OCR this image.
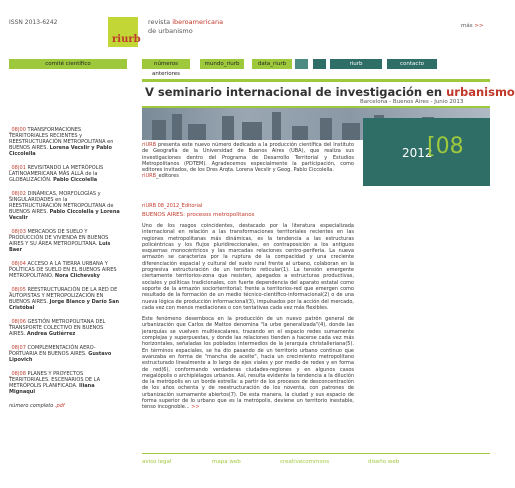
ISSN 2013-6242
riurb
revista iberoamericana
de urbanismo
más >>
comité científico	números anteriores
mundo_riurb	data_riurb	riurb	contacto
V seminario internacional de investigación en urbanismo
Barcelona - Buenos Aires - Junio 2013
_08|00 TRANSFORMACIONES TERRITORIALES RECIENTES y REESTRUCTURACIÓN METROPOLITANA en BUENOS AIRES. Lorena Vecslir y Pablo Ciccolella
_08|01 REVISITANDO LA METRÓPOLIS LATINOAMERICANA MÁS ALLÁ de la GLOBALIZACIÓN. Pablo Ciccolella
_08|02 DINÁMICAS, MORFOLOGÍAS y SINGULARIDADES en la REESTRUCTURACIÓN METROPOLITANA de BUENOS AIRES. Pablo Ciccolella y Lorena Vecslir
_08|03 MERCADOS DE SUELO Y PRODUCCIÓN DE VIVIENDA EN BUENOS AIRES Y SU ÁREA METROPOLITANA. Luis Baer
_08|04 ACCESO A LA TIERRA URBANA Y POLÍTICAS DE SUELO EN EL BUENOS AIRES METROPOLITANO. Nora Clichevsky
_08|05 REESTRUCTURACIÓN DE LA RED DE AUTOPISTAS Y METROPOLIZACIÓN EN BUENOS AIRES. Jorge Blanco y Darío San Cristóbal
_08|06 GESTIÓN METROPOLITANA DEL TRANSPORTE COLECTIVO EN BUENOS AIRES. Andrea Gutiérrez
_08|07 COMPLEMENTACIÓN AERO-PORTUARIA EN BUENOS AIRES. Gustavo Lipovich
_08|08 PLANES Y PROYECTOS TERRITORIALES. ESCENARIOS DE LA METRÓPOLIS PLANIFICADA. Iliana Mignaqui
número completo .pdf
riURB presenta este nuevo número dedicado a la producción científica del Instituto de Geografía de la Universidad de Buenos Aires (UBA), que realiza sus investigaciones dentro del Programa de Desarrollo Territorial y Estudios Metropolitanos (PDTEM). Agradecemos especialmente la participación, como editores invitados, de los Dres Arqta. Lorena Vecslir y Geog. Pablo Ciccolella.
riURB_editores
2012
[08
riURB 08_2012_Editorial
BUENOS AIRES: procesos metropolitanos

Uno de los rasgos coincidentes, destacado por la literatura especializada internacional en relación a las transformaciones territoriales recientes en las regiones metropolitanas más dinámicas, es la tendencia a las estructuras policéntricas y los flujos pluridireccionales, en contraposición a los antiguos esquemas monocéntricos y las marcadas relaciones centro-periferia. La nueva armazón se caracteriza por la ruptura de la compacidad y una creciente diferenciación espacial y cultural del suelo rural frente al urbano, colaboran en la progresiva estructuración de un territorio reticular(1). La tensión emergente ciertamente territorios-zona que resisten, apegados a estructuras productivas, sociales y políticas tradicionales, con fuerte dependencia del aparato estatal como soporte de la armazón sociorterritorial; frente a territorios-red que emergen como resultado de la formación de un medio técnico-científico-informacional(2) o de una nueva lógica de producción informacional(3), impulsados por la acción del mercado, cada vez con menos mediaciones o con tentativas cada vez más flexibles.

Este fenómeno desemboca en la producción de un nuevo patrón general de urbanización que Carlos de Mattos denomina "la urbe generalizada"(4), donde las jerarquías se vuelven multiescalares, trazando en el espacio redes sumamente complejas y superpuestas, y donde las relaciones tienden a hacerse cada vez más horizontales, señaladas los poblados intermedios de la jerarquía christalleriana(5). En términos espaciales, se ha dio pasando de un territorio urbano continuo que avanzaba en forma de "mancha de aceite", hacia un crecimiento metropolitano estructurado linealmente a lo largo de ejes viales y por medio de redes y en forma de red(6), conformando verdaderas ciudades-regiones y en algunos casos megalópolis o archipiélagos urbanos. Así, resulta evidente la tendencia a la dilución de la metrópolis en un borde estrella: a partir de los procesos de desconcentración de los años ochenta y de reestructuración de los noventa, con patrones de urbanización sumamente abiertos(7). De esta manera, la ciudad y sus espacio de forma superior de lo urbano que es la metrópolis, deviene un territorio inestable, tenso incognoble... >>

aviso legal	mapa web	creativecommons	diseño web
